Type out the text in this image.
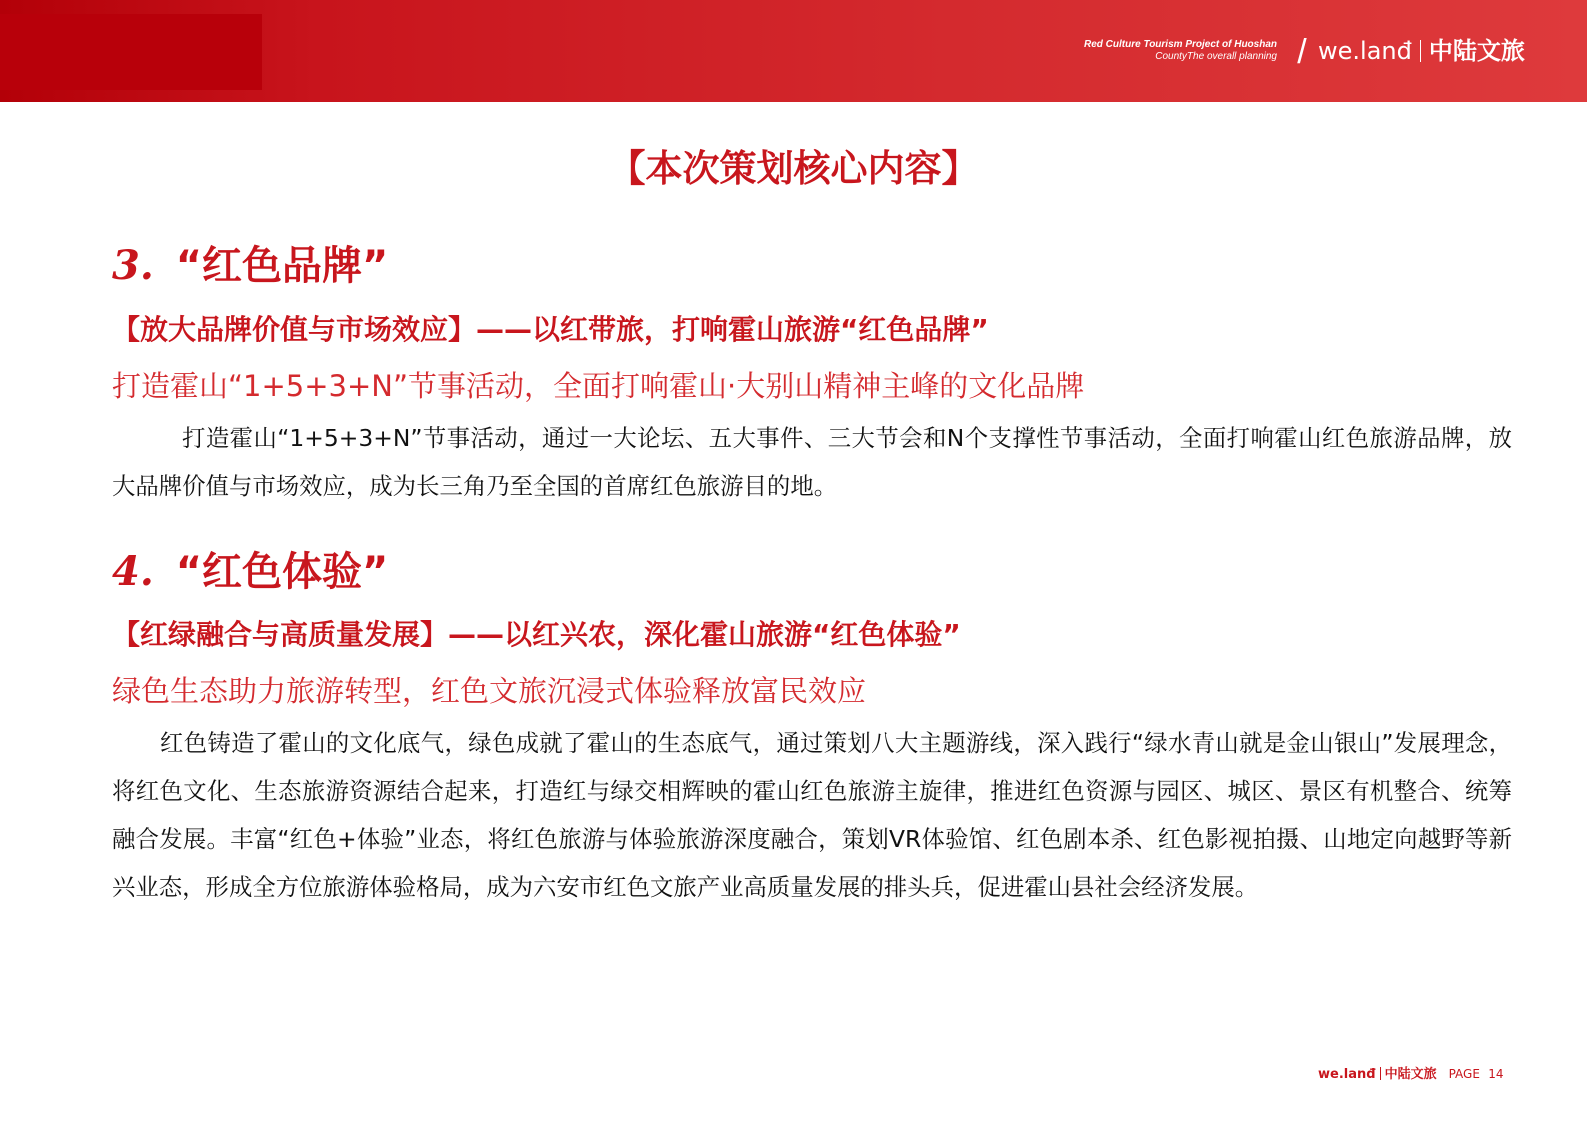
Red Culture Tourism Project of Huoshan
CountyThe overall planning / we.lanđ 中陆文旅
【本次策划核心内容】
3. “红色品牌”
【放大品牌价值与市场效应】——以红带旅，打响霍山旅游“红色品牌”
打造霍山“1+5+3+N”节事活动，全面打响霍山·大别山精神主峰的文化品牌
打造霍山“1+5+3+N”节事活动，通过一大论坛、五大事件、三大节会和N个支撑性节事活动，全面打响霍山红色旅游品牌，放大品牌价值与市场效应，成为长三角乃至全国的首席红色旅游目的地。
4. “红色体验”
【红绿融合与高质量发展】——以红兴农，深化霍山旅游“红色体验”
绿色生态助力旅游转型，红色文旅沉浸式体验释放富民效应
红色铸造了霍山的文化底气，绿色成就了霍山的生态底气，通过策划八大主题游线，深入践行“绿水青山就是金山银山”发展理念，将红色文化、生态旅游资源结合起来，打造红与绿交相辉映的霍山红色旅游主旋律，推进红色资源与园区、城区、景区有机整合、统筹融合发展。丰富“红色+体验”业态，将红色旅游与体验旅游深度融合，策划VR体验馆、红色剧本杀、红色影视拍摄、山地定向越野等新兴业态，形成全方位旅游体验格局，成为六安市红色文旅产业高质量发展的排头兵，促进霍山县社会经济发展。
we.lanđ 中陆文旅 PAGE 14
